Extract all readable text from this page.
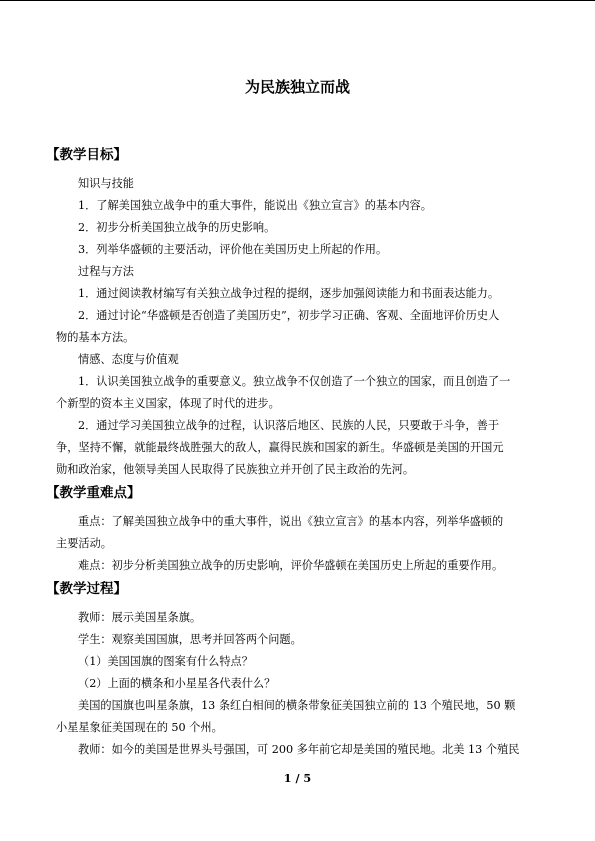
为民族独立而战
【教学目标】
知识与技能
1．了解美国独立战争中的重大事件，能说出《独立宣言》的基本内容。
2．初步分析美国独立战争的历史影响。
3．列举华盛顿的主要活动，评价他在美国历史上所起的作用。
过程与方法
1．通过阅读教材编写有关独立战争过程的提纲，逐步加强阅读能力和书面表达能力。
2．通过讨论“华盛顿是否创造了美国历史”，初步学习正确、客观、全面地评价历史人
物的基本方法。
情感、态度与价值观
1．认识美国独立战争的重要意义。独立战争不仅创造了一个独立的国家，而且创造了一
个新型的资本主义国家，体现了时代的进步。
2．通过学习美国独立战争的过程，认识落后地区、民族的人民，只要敢于斗争，善于
争，坚持不懈，就能最终战胜强大的敌人，赢得民族和国家的新生。华盛顿是美国的开国元
勋和政治家，他领导美国人民取得了民族独立并开创了民主政治的先河。
【教学重难点】
重点：了解美国独立战争中的重大事件，说出《独立宣言》的基本内容，列举华盛顿的
主要活动。
难点：初步分析美国独立战争的历史影响，评价华盛顿在美国历史上所起的重要作用。
【教学过程】
教师：展示美国星条旗。
学生：观察美国国旗，思考并回答两个问题。
（1）美国国旗的图案有什么特点？
（2）上面的横条和小星星各代表什么？
美国的国旗也叫星条旗，13 条红白相间的横条带象征美国独立前的 13 个殖民地，50 颗
小星星象征美国现在的 50 个州。
教师：如今的美国是世界头号强国，可 200 多年前它却是美国的殖民地。北美 13 个殖民
1 / 5
